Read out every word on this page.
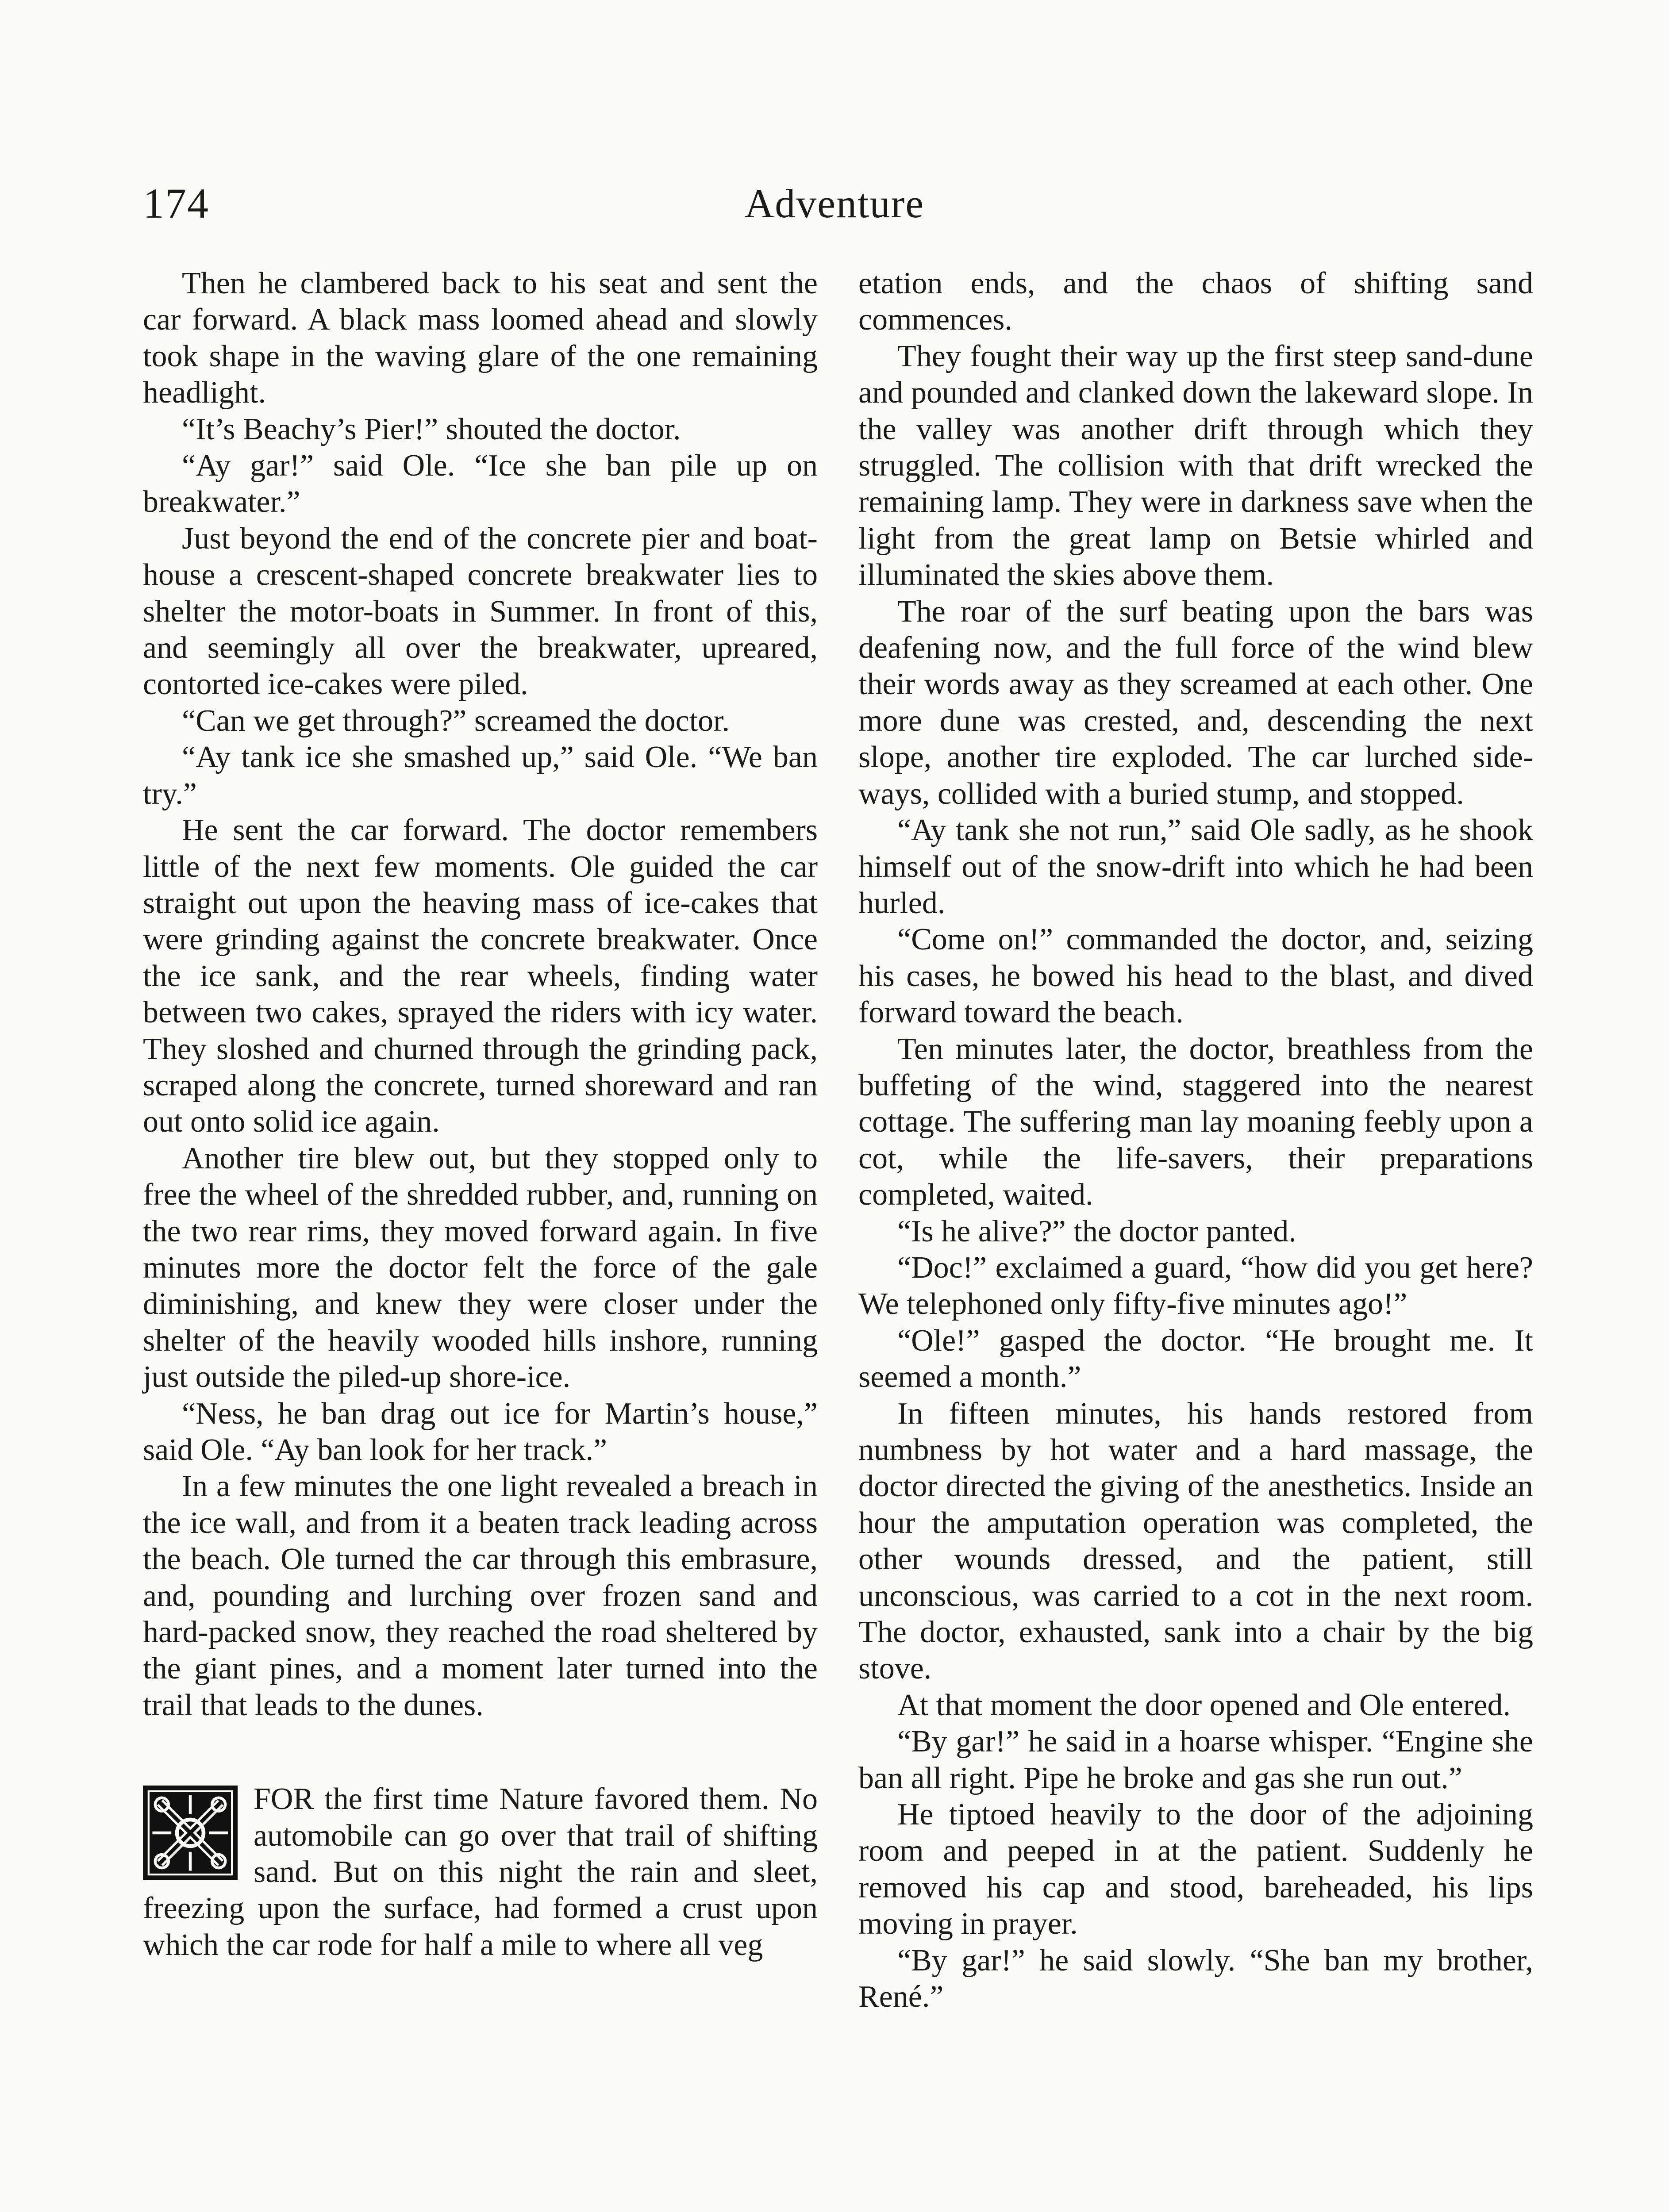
174	Adventure

Then he clambered back to his seat and sent the car forward. A black mass loomed ahead and slowly took shape in the waving glare of the one remaining headlight.

“It’s Beachy’s Pier!” shouted the doctor.

“Ay gar!” said Ole. “Ice she ban pile up on breakwater.”

Just beyond the end of the concrete pier and boat-house a crescent-shaped concrete breakwater lies to shelter the motor-boats in Summer. In front of this, and seemingly all over the breakwater, upreared, contorted ice-cakes were piled.

“Can we get through?” screamed the doctor.

“Ay tank ice she smashed up,” said Ole. “We ban try.”

He sent the car forward. The doctor remembers little of the next few moments. Ole guided the car straight out upon the heaving mass of ice-cakes that were grinding against the concrete breakwater. Once the ice sank, and the rear wheels, finding water between two cakes, sprayed the riders with icy water. They sloshed and churned through the grinding pack, scraped along the concrete, turned shoreward and ran out onto solid ice again.

Another tire blew out, but they stopped only to free the wheel of the shredded rubber, and, running on the two rear rims, they moved forward again. In five minutes more the doctor felt the force of the gale diminishing, and knew they were closer under the shelter of the heavily wooded hills inshore, running just outside the piled-up shore-ice.

“Ness, he ban drag out ice for Martin’s house,” said Ole. “Ay ban look for her track.”

In a few minutes the one light revealed a breach in the ice wall, and from it a beaten track leading across the beach. Ole turned the car through this embrasure, and, pounding and lurching over frozen sand and hard-packed snow, they reached the road sheltered by the giant pines, and a moment later turned into the trail that leads to the dunes.

FOR the first time Nature favored them. No automobile can go over that trail of shifting sand. But on this night the rain and sleet, freezing upon the surface, had formed a crust upon which the car rode for half a mile to where all veg

etation ends, and the chaos of shifting sand commences.

They fought their way up the first steep sand-dune and pounded and clanked down the lakeward slope. In the valley was another drift through which they struggled. The collision with that drift wrecked the remaining lamp. They were in darkness save when the light from the great lamp on Betsie whirled and illuminated the skies above them.

The roar of the surf beating upon the bars was deafening now, and the full force of the wind blew their words away as they screamed at each other. One more dune was crested, and, descending the next slope, another tire exploded. The car lurched sideways, collided with a buried stump, and stopped.

“Ay tank she not run,” said Ole sadly, as he shook himself out of the snow-drift into which he had been hurled.

“Come on!” commanded the doctor, and, seizing his cases, he bowed his head to the blast, and dived forward toward the beach.

Ten minutes later, the doctor, breathless from the buffeting of the wind, staggered into the nearest cottage. The suffering man lay moaning feebly upon a cot, while the life-savers, their preparations completed, waited.

“Is he alive?” the doctor panted.

“Doc!” exclaimed a guard, “how did you get here? We telephoned only fifty-five minutes ago!”

“Ole!” gasped the doctor. “He brought me. It seemed a month.”

In fifteen minutes, his hands restored from numbness by hot water and a hard massage, the doctor directed the giving of the anesthetics. Inside an hour the amputation operation was completed, the other wounds dressed, and the patient, still unconscious, was carried to a cot in the next room. The doctor, exhausted, sank into a chair by the big stove.

At that moment the door opened and Ole entered.

“By gar!” he said in a hoarse whisper. “Engine she ban all right. Pipe he broke and gas she run out.”

He tiptoed heavily to the door of the adjoining room and peeped in at the patient. Suddenly he removed his cap and stood, bareheaded, his lips moving in prayer.

“By gar!” he said slowly. “She ban my brother, René.”
